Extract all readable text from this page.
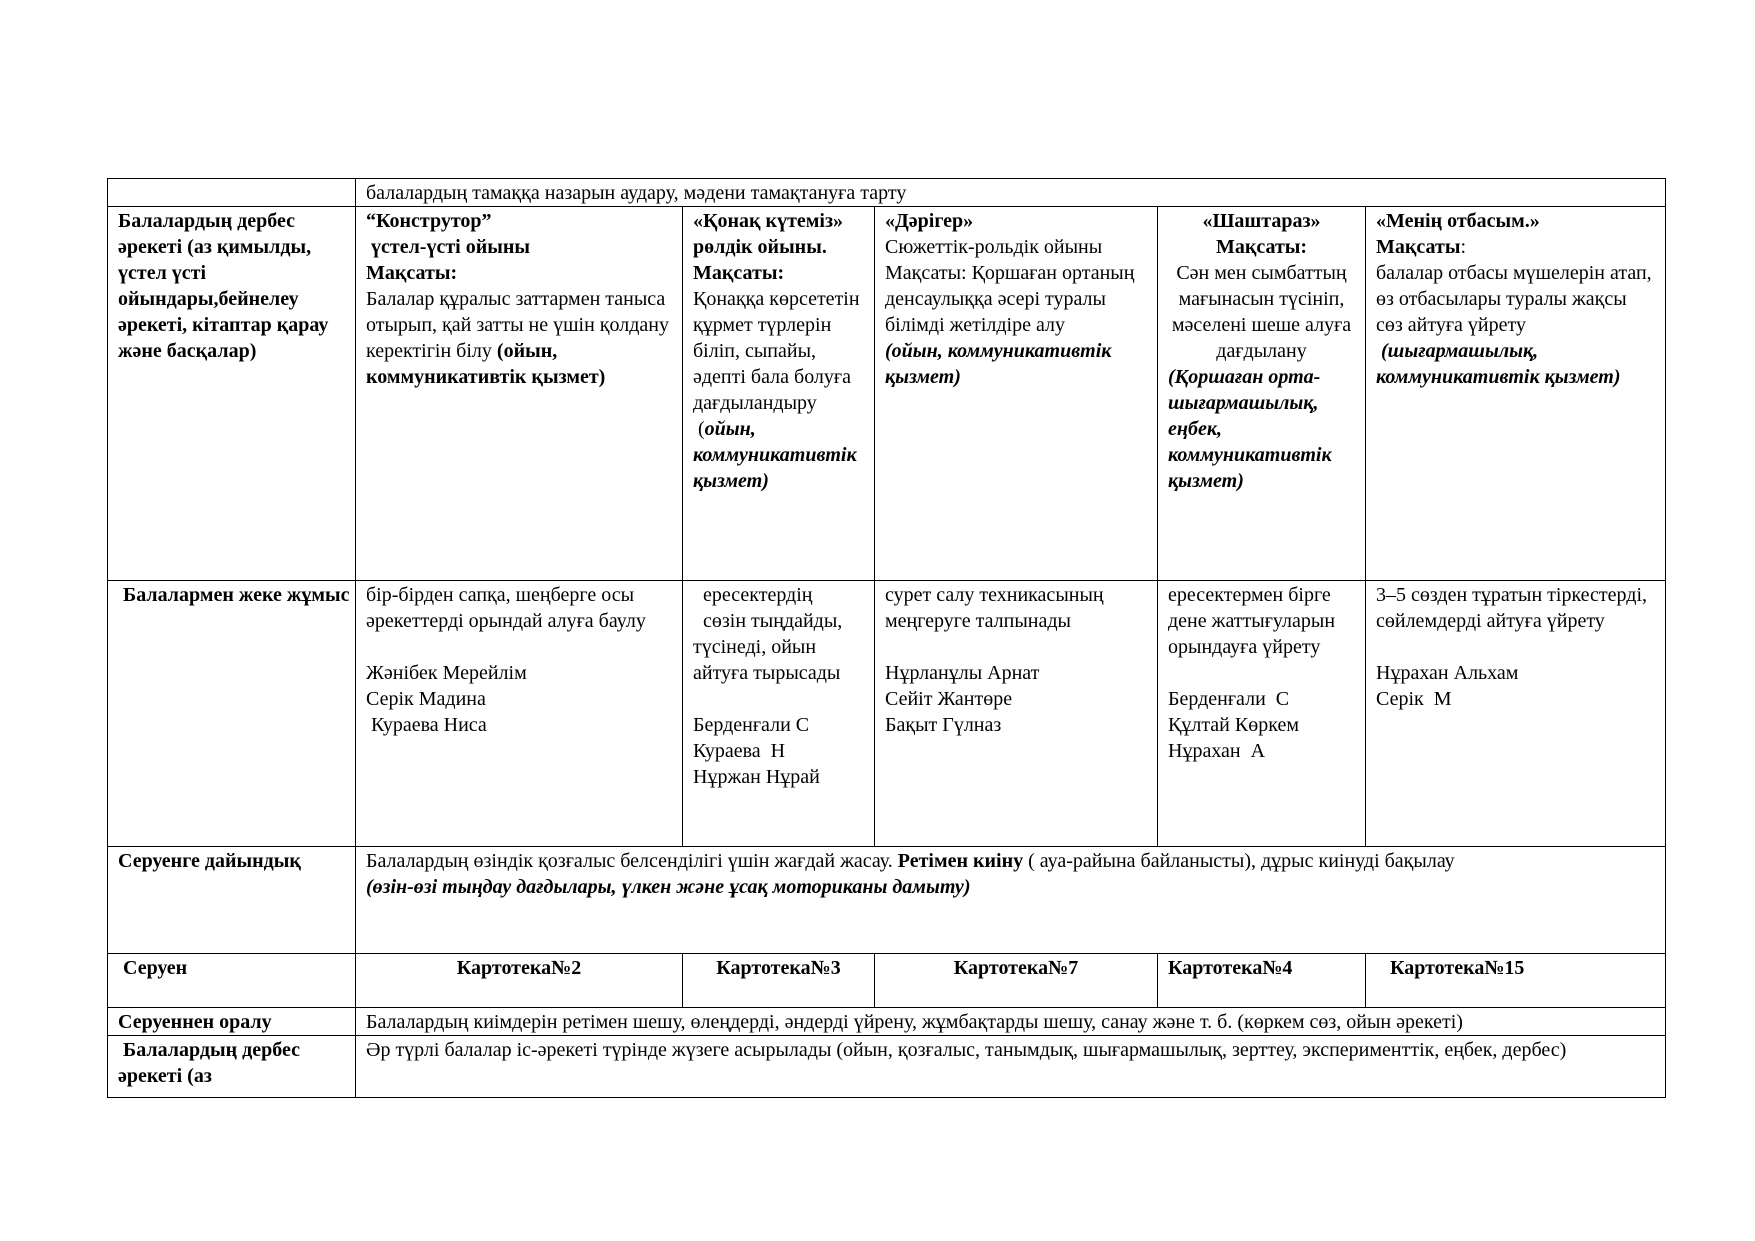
	балалардың тамаққа назарын аудару, мәдени тамақтануға тарту				
Балалардың дербес әрекеті (аз қимылды, үстел үсті ойындары,бейнелеу әрекеті, кітаптар қарау және басқалар)	“Конструтор”
үстел-үсті ойыны
Мақсаты:
Балалар құралыс заттармен таныса отырып, қай затты не үшін қолдану керектігін білу (ойын, коммуникативтік қызмет)	«Қонақ күтеміз» рөлдік ойыны.
Мақсаты:
Қонаққа көрсететін құрмет түрлерін біліп, сыпайы, әдепті бала болуға дағдыландыру
(ойын, коммуникативтік қызмет)	«Дәрігер»
Сюжеттік-рольдік ойыны
Мақсаты: Қоршаған ортаның денсаулыққа әсері туралы білімді жетілдіре алу
(ойын, коммуникативтік қызмет)	«Шаштараз»
Мақсаты:
Сән мен сымбаттың мағынасын түсініп, мәселені шеше алуға дағдылану
(Қоршаған орта-шығармашылық, еңбек, коммуникативтік қызмет)	«Менің отбасым.»
Мақсаты:
балалар отбасы мүшелерін атап, өз отбасылары туралы жақсы сөз айтуға үйрету
(шығармашылық, коммуникативтік қызмет)
Балалармен жеке жұмыс	бір-бірден сапқа, шеңберге осы әрекеттерді орындай алуға баулу
Жәнібек Мерейлім
Серік Мадина
Кураева Ниса	ересектердің
сөзін тыңдайды, түсінеді, ойын айтуға тырысады
Берденғали С
Кураева  Н
Нұржан Нұрай	сурет салу техникасының меңгеруге талпынады
Нұрланұлы Арнат
Сейіт Жантөре
Бақыт Гүлназ	ересектермен бірге дене жаттығуларын орындауға үйрету
Берденғали  С
Құлтай Көркем
Нұрахан  А	3–5 сөзден тұратын тіркестерді, сөйлемдерді айтуға үйрету
Нұрахан Альхам
Серік  М

Серуенге дайындық	Балалардың өзіндік қозғалыс белсенділігі үшін жағдай жасау. Ретімен киіну ( ауа-райына байланысты), дұрыс киінуді бақылау
(өзін-өзі тыңдау дағдылары, үлкен және ұсақ моториканы дамыту)				
Серуен	Картотека№2	Картотека№3	Картотека№7	Картотека№4	Картотека№15
Серуеннен оралу	Балалардың киімдерін ретімен шешу, өлеңдерді, әндерді үйрену, жұмбақтарды шешу, санау және т. б. (көркем сөз, ойын әрекеті)				
Балалардың дербес әрекеті (аз	Әр түрлі балалар іс-әрекеті түрінде жүзеге асырылады (ойын, қозғалыс, танымдық, шығармашылық, зерттеу, эксперименттік, еңбек, дербес)				
